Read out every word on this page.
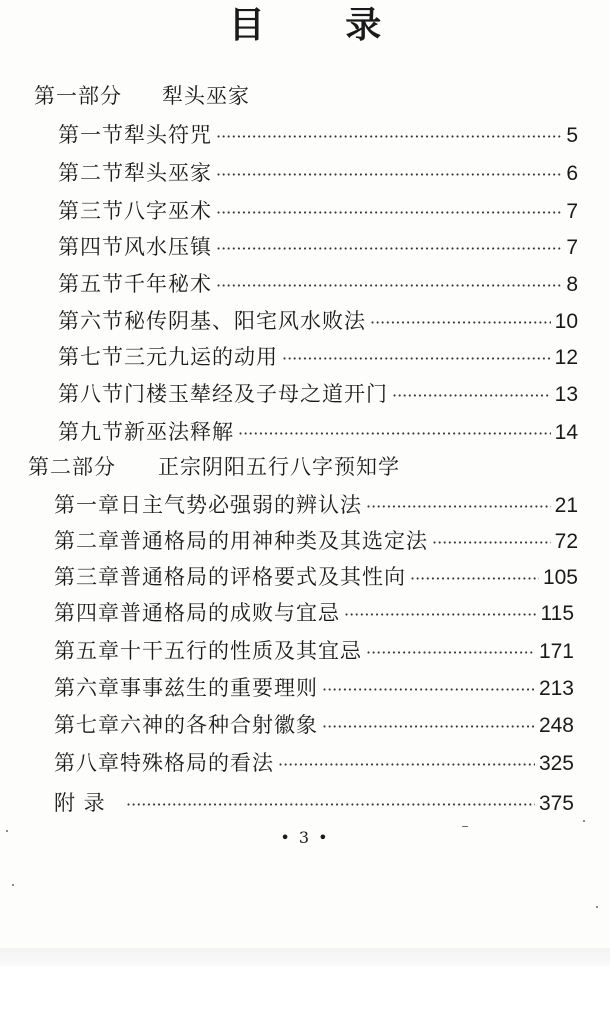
目 录
第一部分	犁头巫家
第一节 犁头符咒 ·····	5
第二节 犁头巫家 ·····	6
第三节 八字巫术 ·····	7
第四节 风水压镇 ·····	7
第五节 千年秘术 ·····	8
第六节 秘传阴基、阳宅风水败法 ·····	10
第七节 三元九运的动用 ·····	12
第八节 门楼玉辇经及子母之道开门 ·····	13
第九节 新巫法释解 ·····	14
第二部分	正宗阴阳五行八字预知学
第一章 日主气势必强弱的辨认法 ·····	21
第二章 普通格局的用神种类及其选定法 ·····	72
第三章 普通格局的评格要式及其性向 ·····	105
第四章 普通格局的成败与宜忌 ·····	115
第五章 十干五行的性质及其宜忌 ·····	171
第六章 事事兹生的重要理则 ·····	213
第七章 六神的各种合射徽象 ·····	248
第八章 特殊格局的看法 ·····	325
附 录 ·····	375
• 3 •
